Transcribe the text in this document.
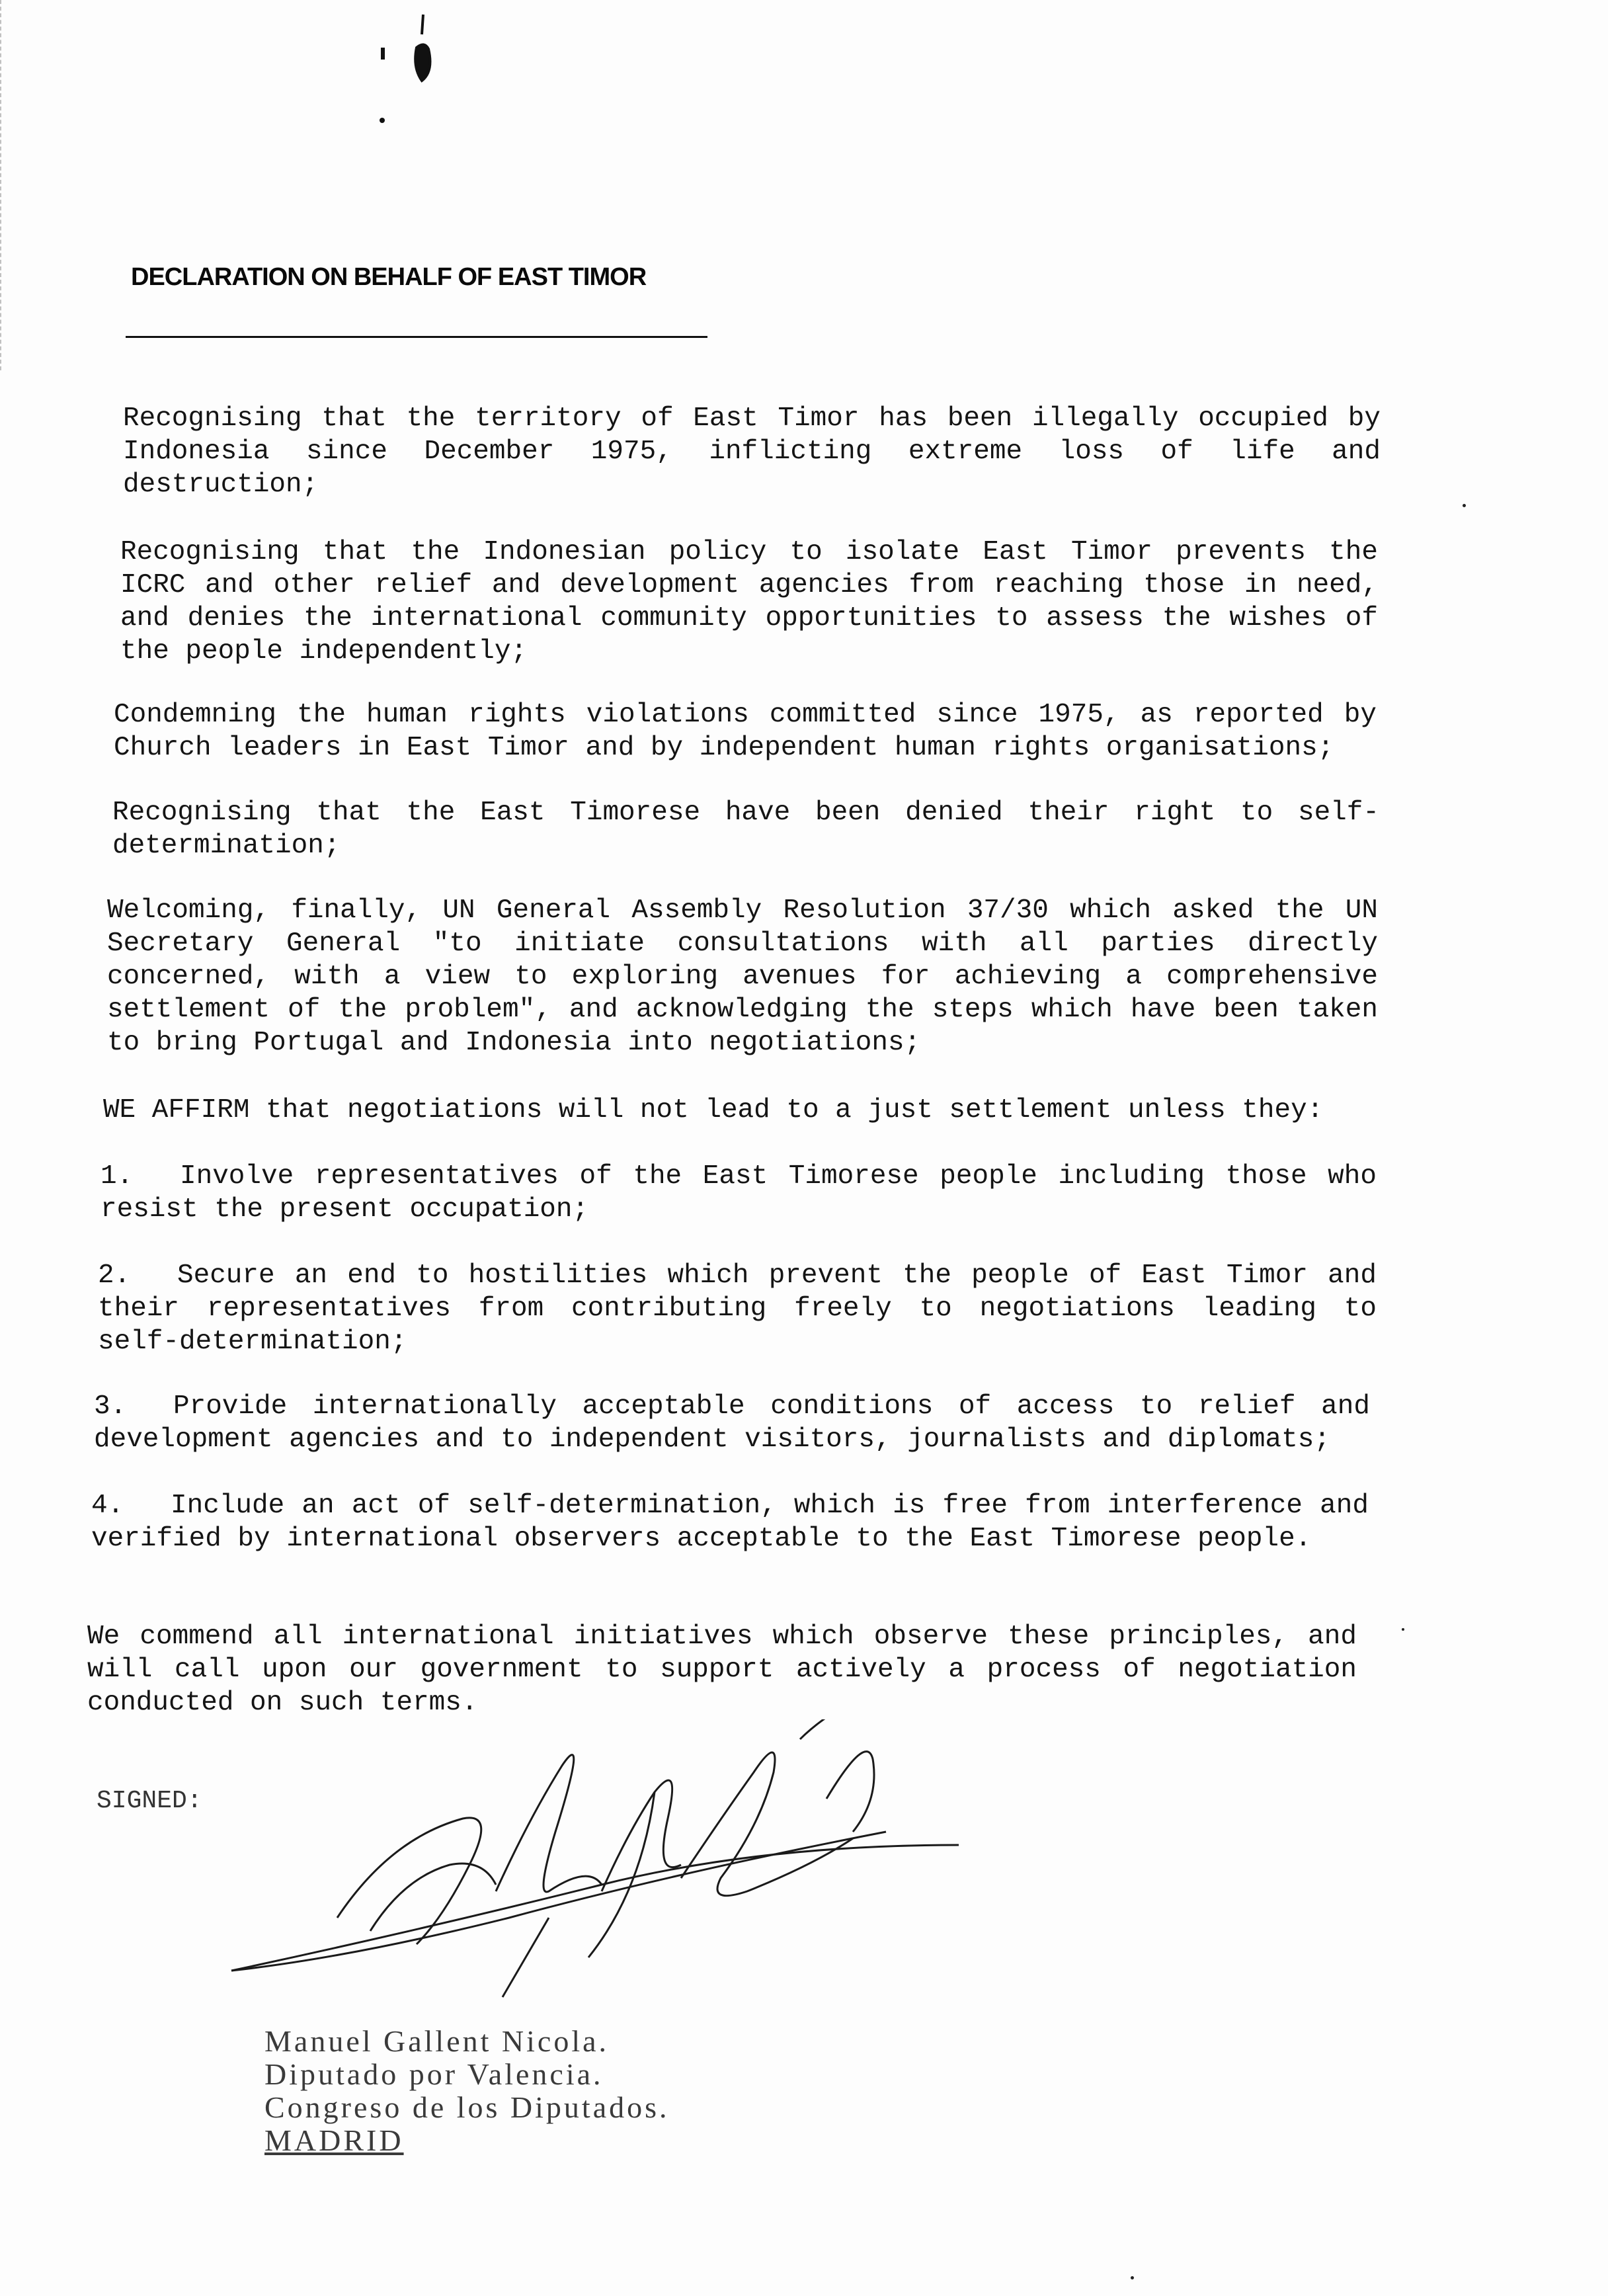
DECLARATION ON BEHALF OF EAST TIMOR

Recognising that the territory of East Timor has been illegally occupied by Indonesia since December 1975, inflicting extreme loss of life and destruction;

Recognising that the Indonesian policy to isolate East Timor prevents the ICRC and other relief and development agencies from reaching those in need, and denies the international community opportunities to assess the wishes of the people independently;

Condemning the human rights violations committed since 1975, as reported by Church leaders in East Timor and by independent human rights organisations;

Recognising that the East Timorese have been denied their right to self-determination;

Welcoming, finally, UN General Assembly Resolution 37/30 which asked the UN Secretary General "to initiate consultations with all parties directly concerned, with a view to exploring avenues for achieving a comprehensive settlement of the problem", and acknowledging the steps which have been taken to bring Portugal and Indonesia into negotiations;

WE AFFIRM that negotiations will not lead to a just settlement unless they:

1. Involve representatives of the East Timorese people including those who resist the present occupation;

2. Secure an end to hostilities which prevent the people of East Timor and their representatives from contributing freely to negotiations leading to self-determination;

3. Provide internationally acceptable conditions of access to relief and development agencies and to independent visitors, journalists and diplomats;

4. Include an act of self-determination, which is free from interference and verified by international observers acceptable to the East Timorese people.

We commend all international initiatives which observe these principles, and will call upon our government to support actively a process of negotiation conducted on such terms.

SIGNED:
Manuel Gallent Nicola.
Diputado por Valencia.
Congreso de los Diputados.
MADRID
